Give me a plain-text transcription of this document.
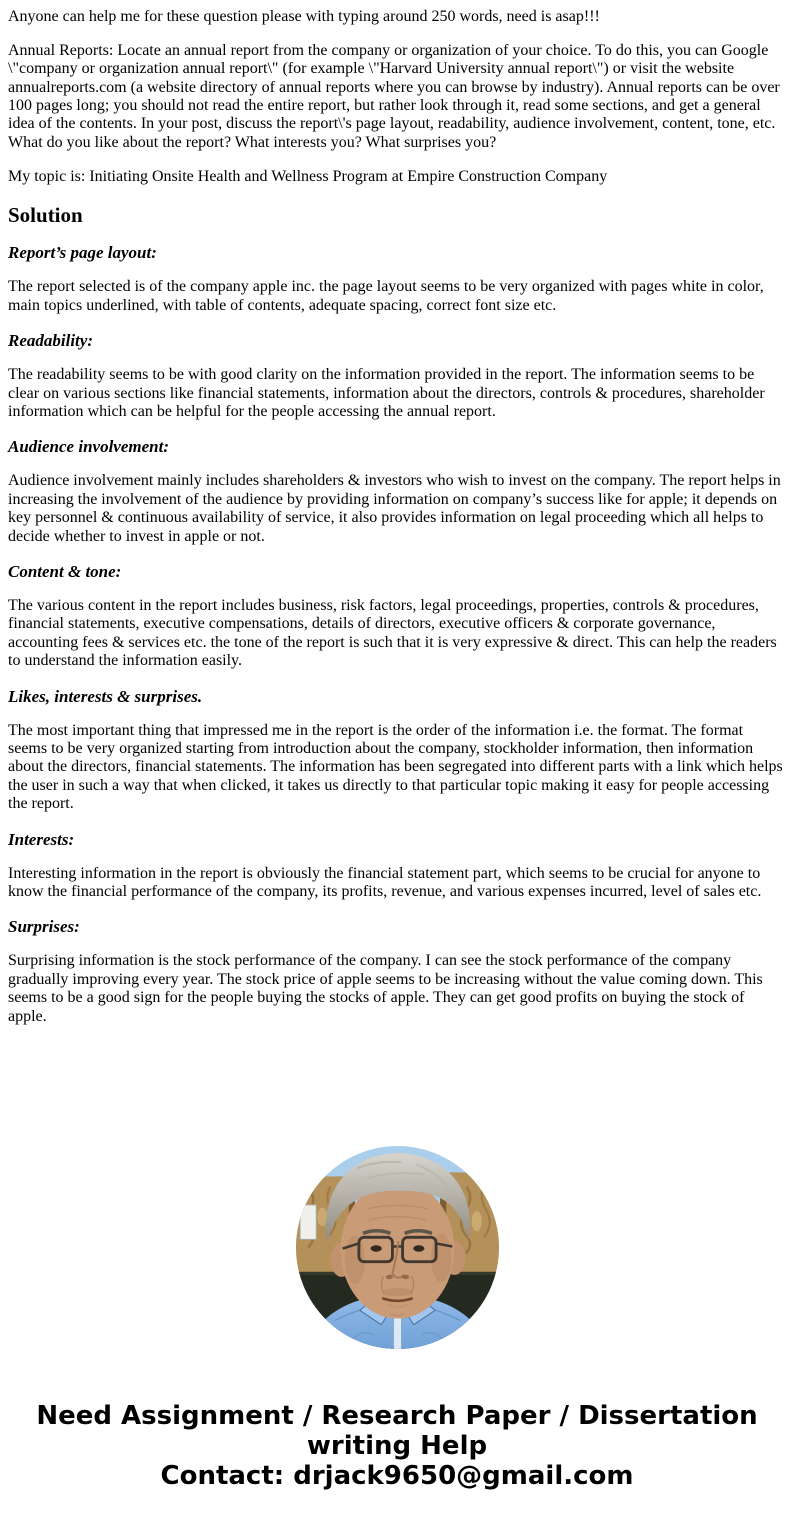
Anyone can help me for these question please with typing around 250 words, need is asap!!!

Annual Reports: Locate an annual report from the company or organization of your choice. To do this, you can Google \"company or organization annual report\" (for example \"Harvard University annual report\") or visit the website annualreports.com (a website directory of annual reports where you can browse by industry). Annual reports can be over 100 pages long; you should not read the entire report, but rather look through it, read some sections, and get a general idea of the contents. In your post, discuss the report\'s page layout, readability, audience involvement, content, tone, etc. What do you like about the report? What interests you? What surprises you?

My topic is: Initiating Onsite Health and Wellness Program at Empire Construction Company

Solution
Report’s page layout:

The report selected is of the company apple inc. the page layout seems to be very organized with pages white in color, main topics underlined, with table of contents, adequate spacing, correct font size etc.

Readability:

The readability seems to be with good clarity on the information provided in the report. The information seems to be clear on various sections like financial statements, information about the directors, controls & procedures, shareholder information which can be helpful for the people accessing the annual report.

Audience involvement:

Audience involvement mainly includes shareholders & investors who wish to invest on the company. The report helps in increasing the involvement of the audience by providing information on company’s success like for apple; it depends on key personnel & continuous availability of service, it also provides information on legal proceeding which all helps to decide whether to invest in apple or not.

Content & tone:

The various content in the report includes business, risk factors, legal proceedings, properties, controls & procedures, financial statements, executive compensations, details of directors, executive officers & corporate governance, accounting fees & services etc. the tone of the report is such that it is very expressive & direct. This can help the readers to understand the information easily.

Likes, interests & surprises.

The most important thing that impressed me in the report is the order of the information i.e. the format. The format seems to be very organized starting from introduction about the company, stockholder information, then information about the directors, financial statements. The information has been segregated into different parts with a link which helps the user in such a way that when clicked, it takes us directly to that particular topic making it easy for people accessing the report.

Interests:

Interesting information in the report is obviously the financial statement part, which seems to be crucial for anyone to know the financial performance of the company, its profits, revenue, and various expenses incurred, level of sales etc.

Surprises:

Surprising information is the stock performance of the company. I can see the stock performance of the company gradually improving every year. The stock price of apple seems to be increasing without the value coming down. This seems to be a good sign for the people buying the stocks of apple. They can get good profits on buying the stock of apple.

Need Assignment / Research Paper / Dissertation writing Help
Contact: drjack9650@gmail.com
